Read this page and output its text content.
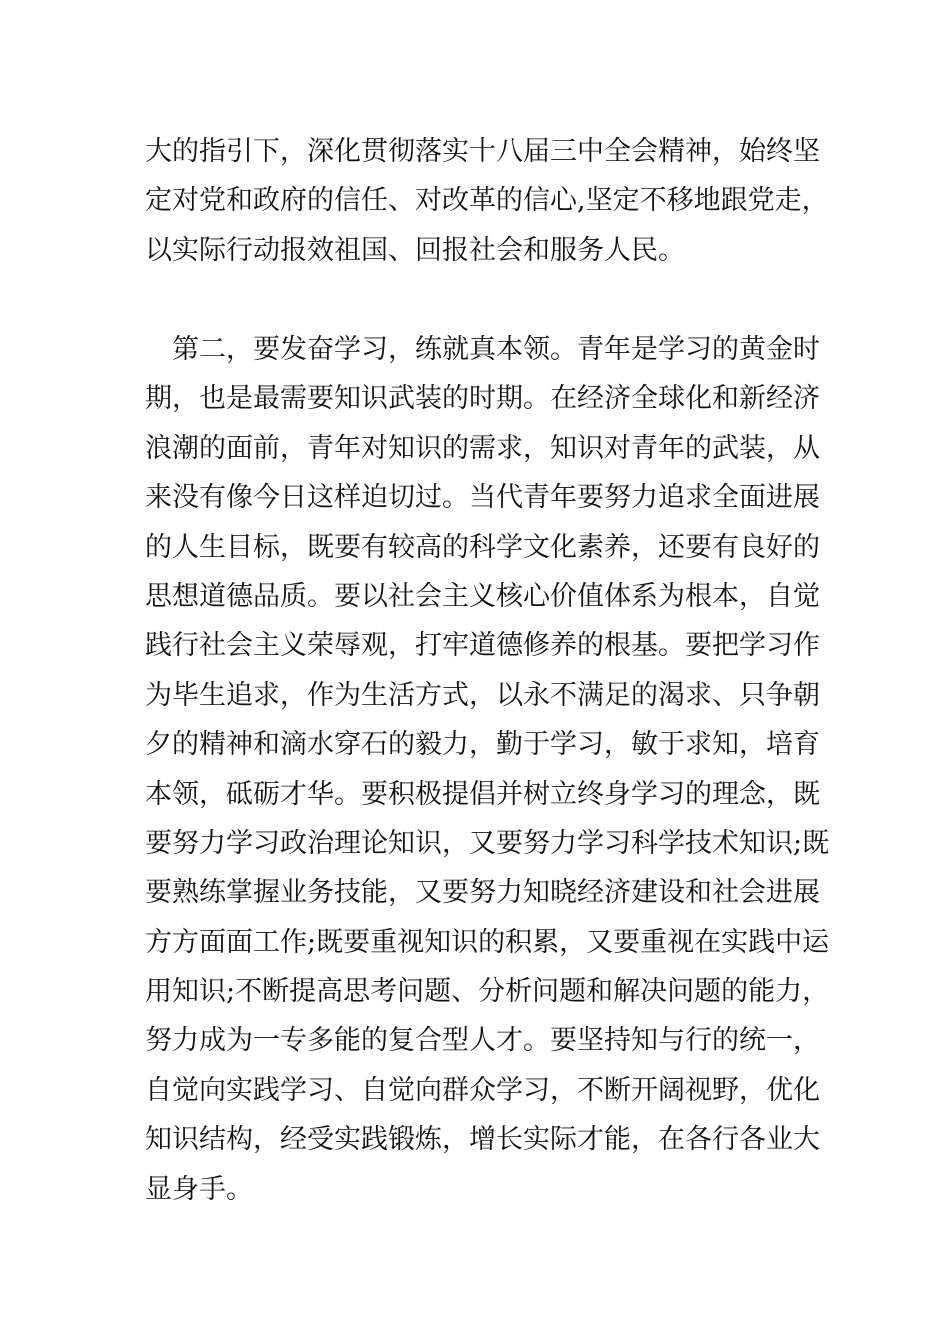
大的指引下，深化贯彻落实十八届三中全会精神，始终坚
定对党和政府的信任、对改革的信心,坚定不移地跟党走，
以实际行动报效祖国、回报社会和服务人民。
　第二，要发奋学习，练就真本领。青年是学习的黄金时
期，也是最需要知识武装的时期。在经济全球化和新经济
浪潮的面前，青年对知识的需求，知识对青年的武装，从
来没有像今日这样迫切过。当代青年要努力追求全面进展
的人生目标，既要有较高的科学文化素养，还要有良好的
思想道德品质。要以社会主义核心价值体系为根本，自觉
践行社会主义荣辱观，打牢道德修养的根基。要把学习作
为毕生追求，作为生活方式，以永不满足的渴求、只争朝
夕的精神和滴水穿石的毅力，勤于学习，敏于求知，培育
本领，砥砺才华。要积极提倡并树立终身学习的理念，既
要努力学习政治理论知识，又要努力学习科学技术知识;既
要熟练掌握业务技能，又要努力知晓经济建设和社会进展
方方面面工作;既要重视知识的积累，又要重视在实践中运
用知识;不断提高思考问题、分析问题和解决问题的能力，
努力成为一专多能的复合型人才。要坚持知与行的统一，
自觉向实践学习、自觉向群众学习，不断开阔视野，优化
知识结构，经受实践锻炼，增长实际才能，在各行各业大
显身手。
